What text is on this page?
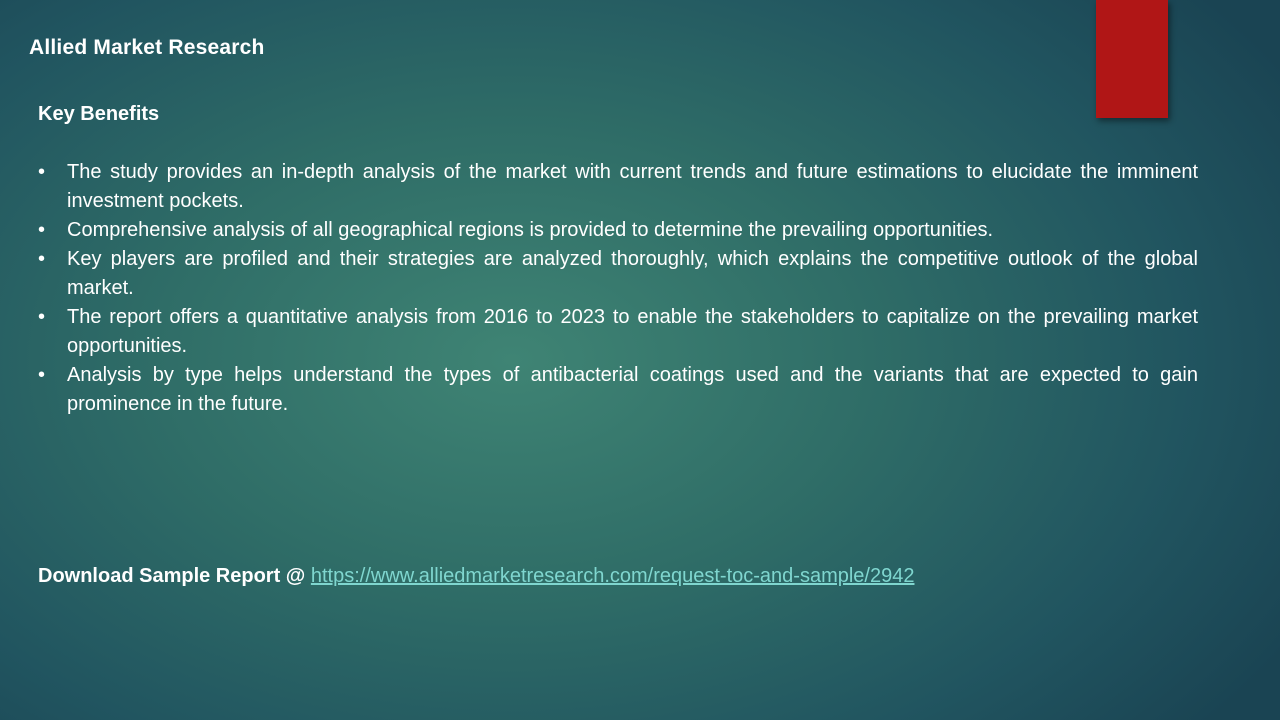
Allied Market Research
Key Benefits
• The study provides an in-depth analysis of the market with current trends and future estimations to elucidate the imminent investment pockets.
• Comprehensive analysis of all geographical regions is provided to determine the prevailing opportunities.
• Key players are profiled and their strategies are analyzed thoroughly, which explains the competitive outlook of the global market.
• The report offers a quantitative analysis from 2016 to 2023 to enable the stakeholders to capitalize on the prevailing market opportunities.
• Analysis by type helps understand the types of antibacterial coatings used and the variants that are expected to gain prominence in the future.
Download Sample Report @ https://www.alliedmarketresearch.com/request-toc-and-sample/2942
